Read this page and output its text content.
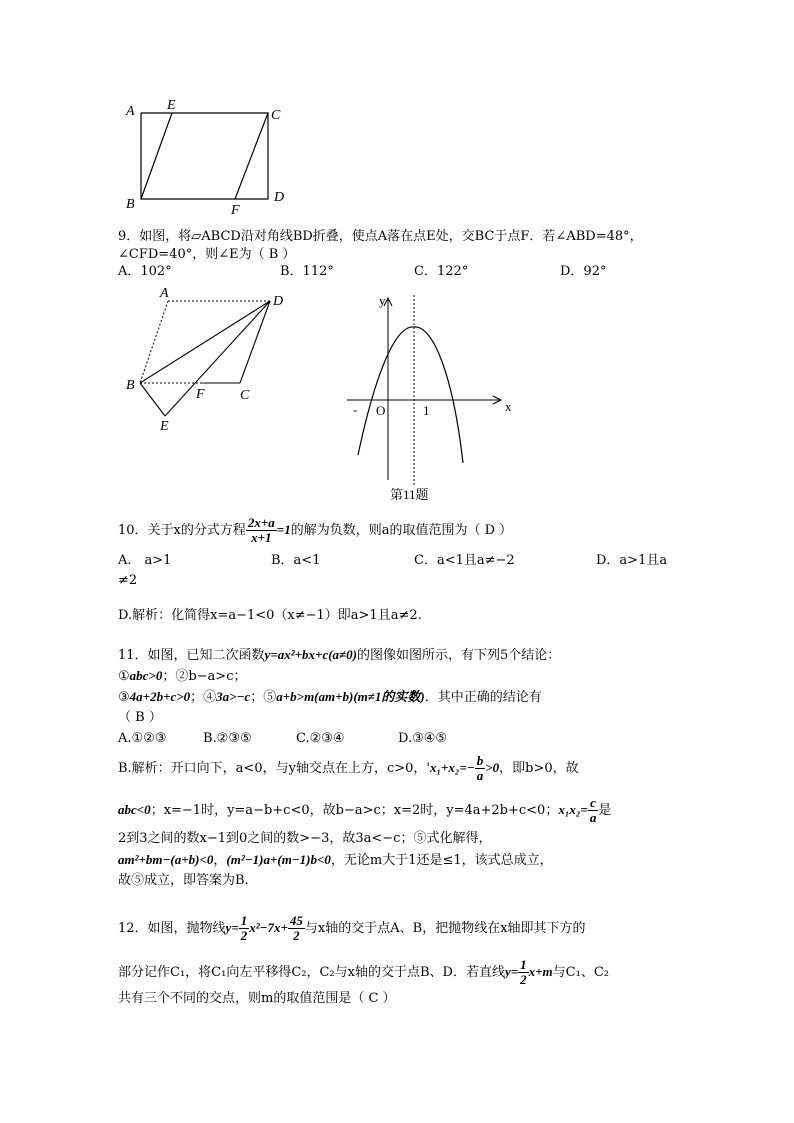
A E
C
B	F
D
9．如图，将▱ABCD沿对角线BD折叠，使点A落在点E处，交BC于点F．若∠ABD=48°，
∠CFD=40°，则∠E为（ B ）
A．102°	B．112°	C．122°	D．92°
A
D
B
F	C
E
y
x
O	1
-
第11题
10．关于x的分式方程 $\frac{2x+a}{x+1} =1$的解为负数，则a的取值范围为（ D ）
A.　a>1	B．a<1	C．a<1且a≠−2	D．a>1且a
≠2
D.解析：化简得x=a−1<0（x≠−1）即a>1且a≠2.
11．如图，已知二次函数y=ax²+bx+c(a≠0)的图像如图所示，有下列5个结论：
①abc>0；②b−a>c；
③4a+2b+c>0；④3a>−c；⑤a+b>m(am+b)(m≠1的实数)．其中正确的结论有
（ B ）
A.①②③	B.②③⑤	C.②③④	D.③④⑤
B.解析：开口向下，a<0，与y轴交点在上方，c>0，'$x_1+x_2=- \frac{b}{a} >0$，即b>0，故
abc<0；x=−1时，y=a−b+c<0，故b−a>c；x=2时，y=4a+2b+c<0；$x_1x_2= \frac{c}{a}$ 是
2到3之间的数x−1到0之间的数>−3，故3a<−c；⑤式化解得，
am²+bm−(a+b)<0，(m²−1)a+(m−1)b<0，无论m大于1还是≤1，该式总成立，
故⑤成立，即答案为B.
12．如图，抛物线$y= \frac{1}{2} x^2-7x+ \frac{45}{2}$ 与x轴的交于点A、B，把抛物线在x轴即其下方的
部分记作C₁，将C₁向左平移得C₂，C₂与x轴的交于点B、D．若直线$y= \frac{1}{2} x+m$与C₁、C₂
共有三个不同的交点，则m的取值范围是（ C ）
